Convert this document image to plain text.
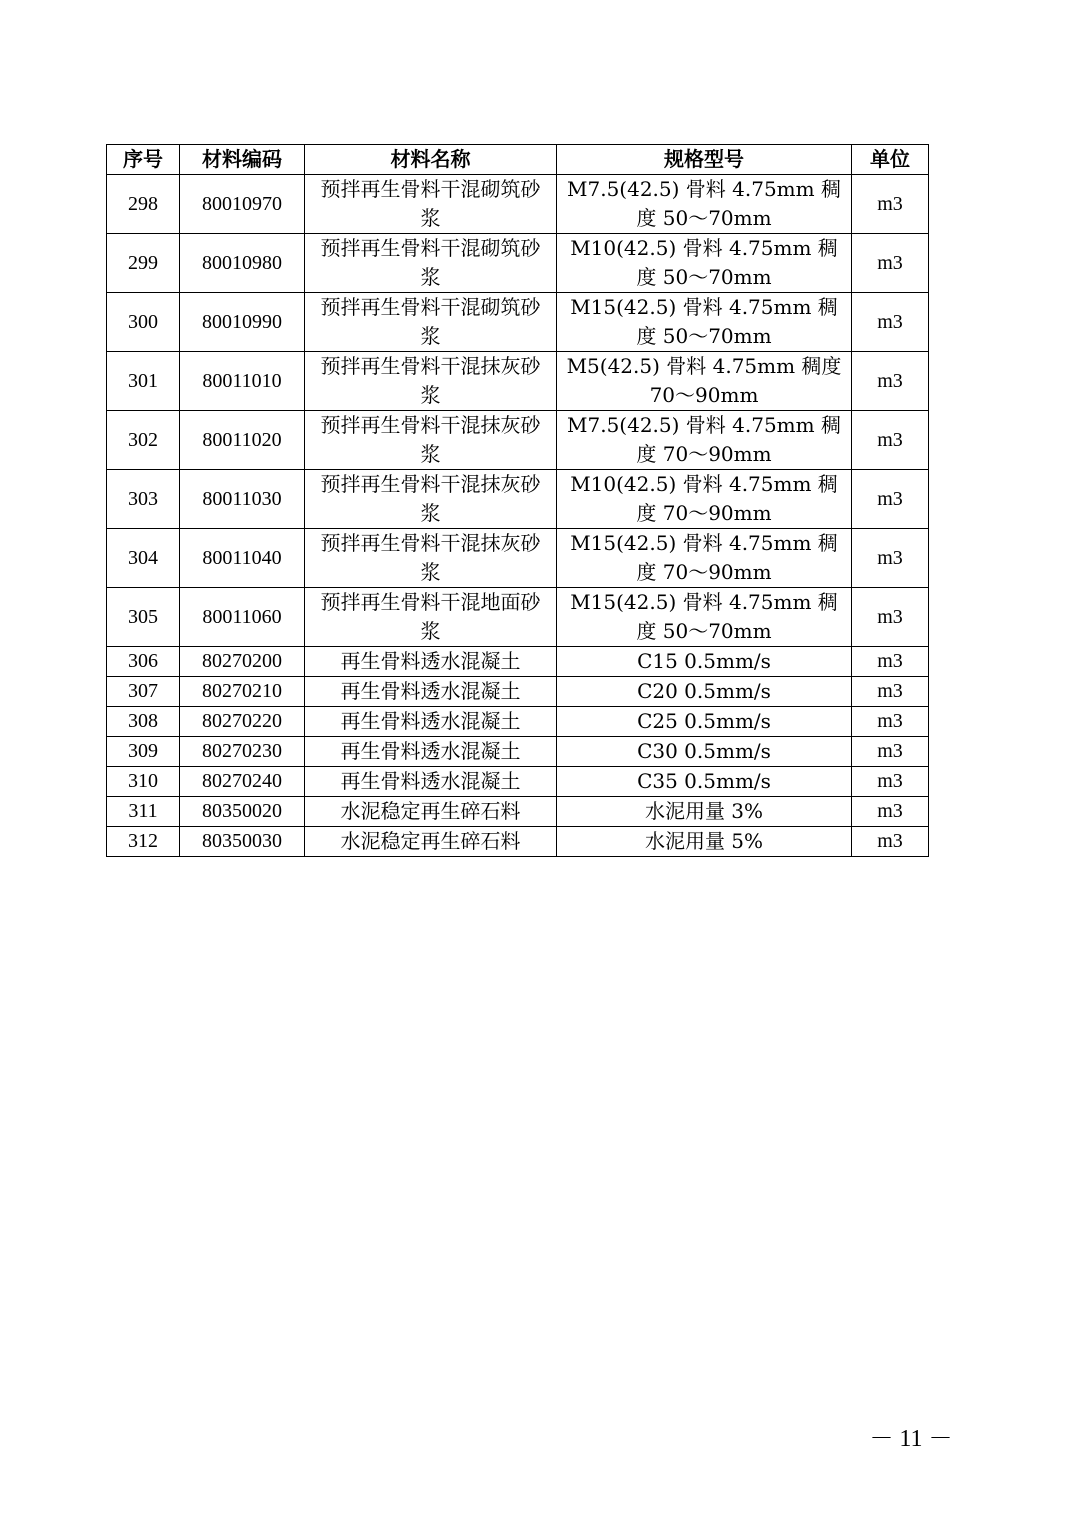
序号	材料编码	材料名称	规格型号	单位
298	80010970	预拌再生骨料干混砌筑砂浆	M7.5(42.5) 骨料 4.75mm 稠度 50～70mm	m3
299	80010980	预拌再生骨料干混砌筑砂浆	M10(42.5) 骨料 4.75mm 稠度 50～70mm	m3
300	80010990	预拌再生骨料干混砌筑砂浆	M15(42.5) 骨料 4.75mm 稠度 50～70mm	m3
301	80011010	预拌再生骨料干混抹灰砂浆	M5(42.5) 骨料 4.75mm 稠度 70～90mm	m3
302	80011020	预拌再生骨料干混抹灰砂浆	M7.5(42.5) 骨料 4.75mm 稠度 70～90mm	m3
303	80011030	预拌再生骨料干混抹灰砂浆	M10(42.5) 骨料 4.75mm 稠度 70～90mm	m3
304	80011040	预拌再生骨料干混抹灰砂浆	M15(42.5) 骨料 4.75mm 稠度 70～90mm	m3
305	80011060	预拌再生骨料干混地面砂浆	M15(42.5) 骨料 4.75mm 稠度 50～70mm	m3
306	80270200	再生骨料透水混凝土	C15 0.5mm/s	m3
307	80270210	再生骨料透水混凝土	C20 0.5mm/s	m3
308	80270220	再生骨料透水混凝土	C25 0.5mm/s	m3
309	80270230	再生骨料透水混凝土	C30 0.5mm/s	m3
310	80270240	再生骨料透水混凝土	C35 0.5mm/s	m3
311	80350020	水泥稳定再生碎石料	水泥用量 3%	m3
312	80350030	水泥稳定再生碎石料	水泥用量 5%	m3
－ 11 －
